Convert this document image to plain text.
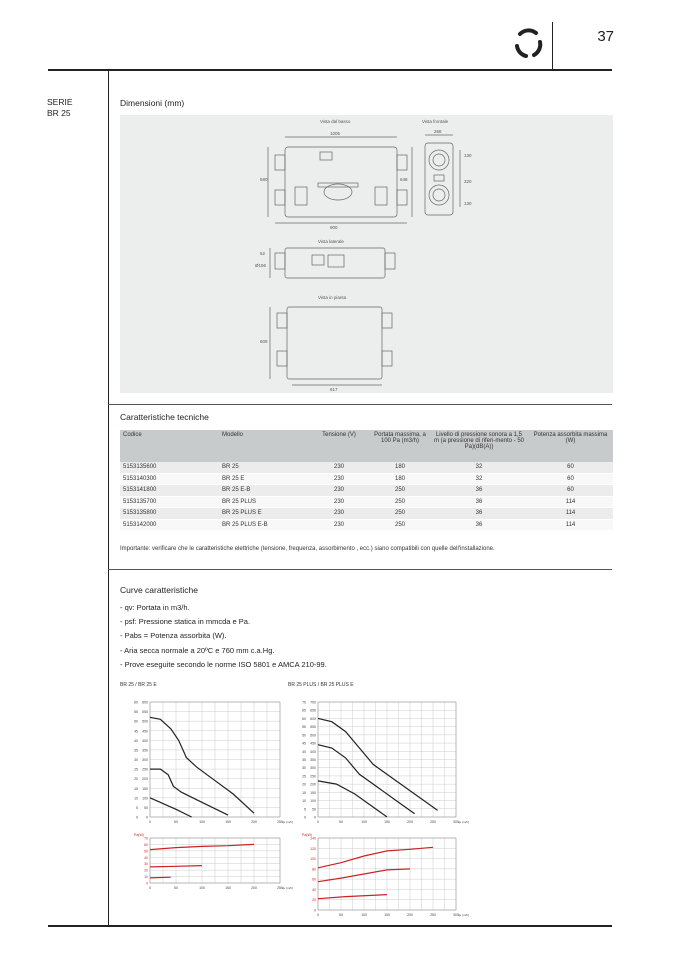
37
SERIE
BR 25
Dimensioni (mm)
Vista dal basso	Vista frontale
1005
580	648
900
268
130
320
130
Vista laterale
52
Ø156
Vista in pianta
609
617
Caratteristiche tecniche
Codice	Modello	Tensione (V)	Portata massima, a 100 Pa (m3/h)	Livello di pressione sonora a 1,5 m (a pressione di riferi-mento - 50 Pa)(dB(A))	Potenza assorbita massima (W)
5153135600	BR 25	230	180	32	60
5153140300	BR 25 E	230	180	32	60
5153141800	BR 25 E-B	230	250	36	60
5153135700	BR 25 PLUS	230	250	36	114
5153135800	BR 25 PLUS E	230	250	36	114
5153142000	BR 25 PLUS E-B	230	250	36	114
Importante: verificare che le caratteristiche elettriche (tensione, frequenza, assorbimento , ecc.) siano compatibili con quelle dell'installazione.
Curve caratteristiche
- qv: Portata in m3/h.
- psf: Pressione statica in mmcda e Pa.
- Pabs = Potenza assorbita (W).
- Aria secca normale a 20ºC e 760 mm c.a.Hg.
- Prove eseguite secondo le norme ISO 5801 e AMCA 210-99.
BR 25 / BR 25 E	BR 25 PLUS / BR 25 PLUS E
0 0
5 50
10 100
15 150
20 200
25 250
30 300
35 350
40 400
45 450
50 500
55 550
60 600
0	50	100	150	200	250 qv (m/h)
0 0
5 50
10 100
15 150
20 200
25 250
30 300
35 350
40 400
45 450
50 500
55 550
60 600
65 650
70 700
0	50	100	150	200	250	300 qv (m/h)
0
10
20
30
40
50
60
70
0	50	100	150	200	250 qv (m/h)
Pa(W)
0
20
40
60
80
100
120
140
0	50	100	150	200	250	300 qv (m/h)
Pa(W)
